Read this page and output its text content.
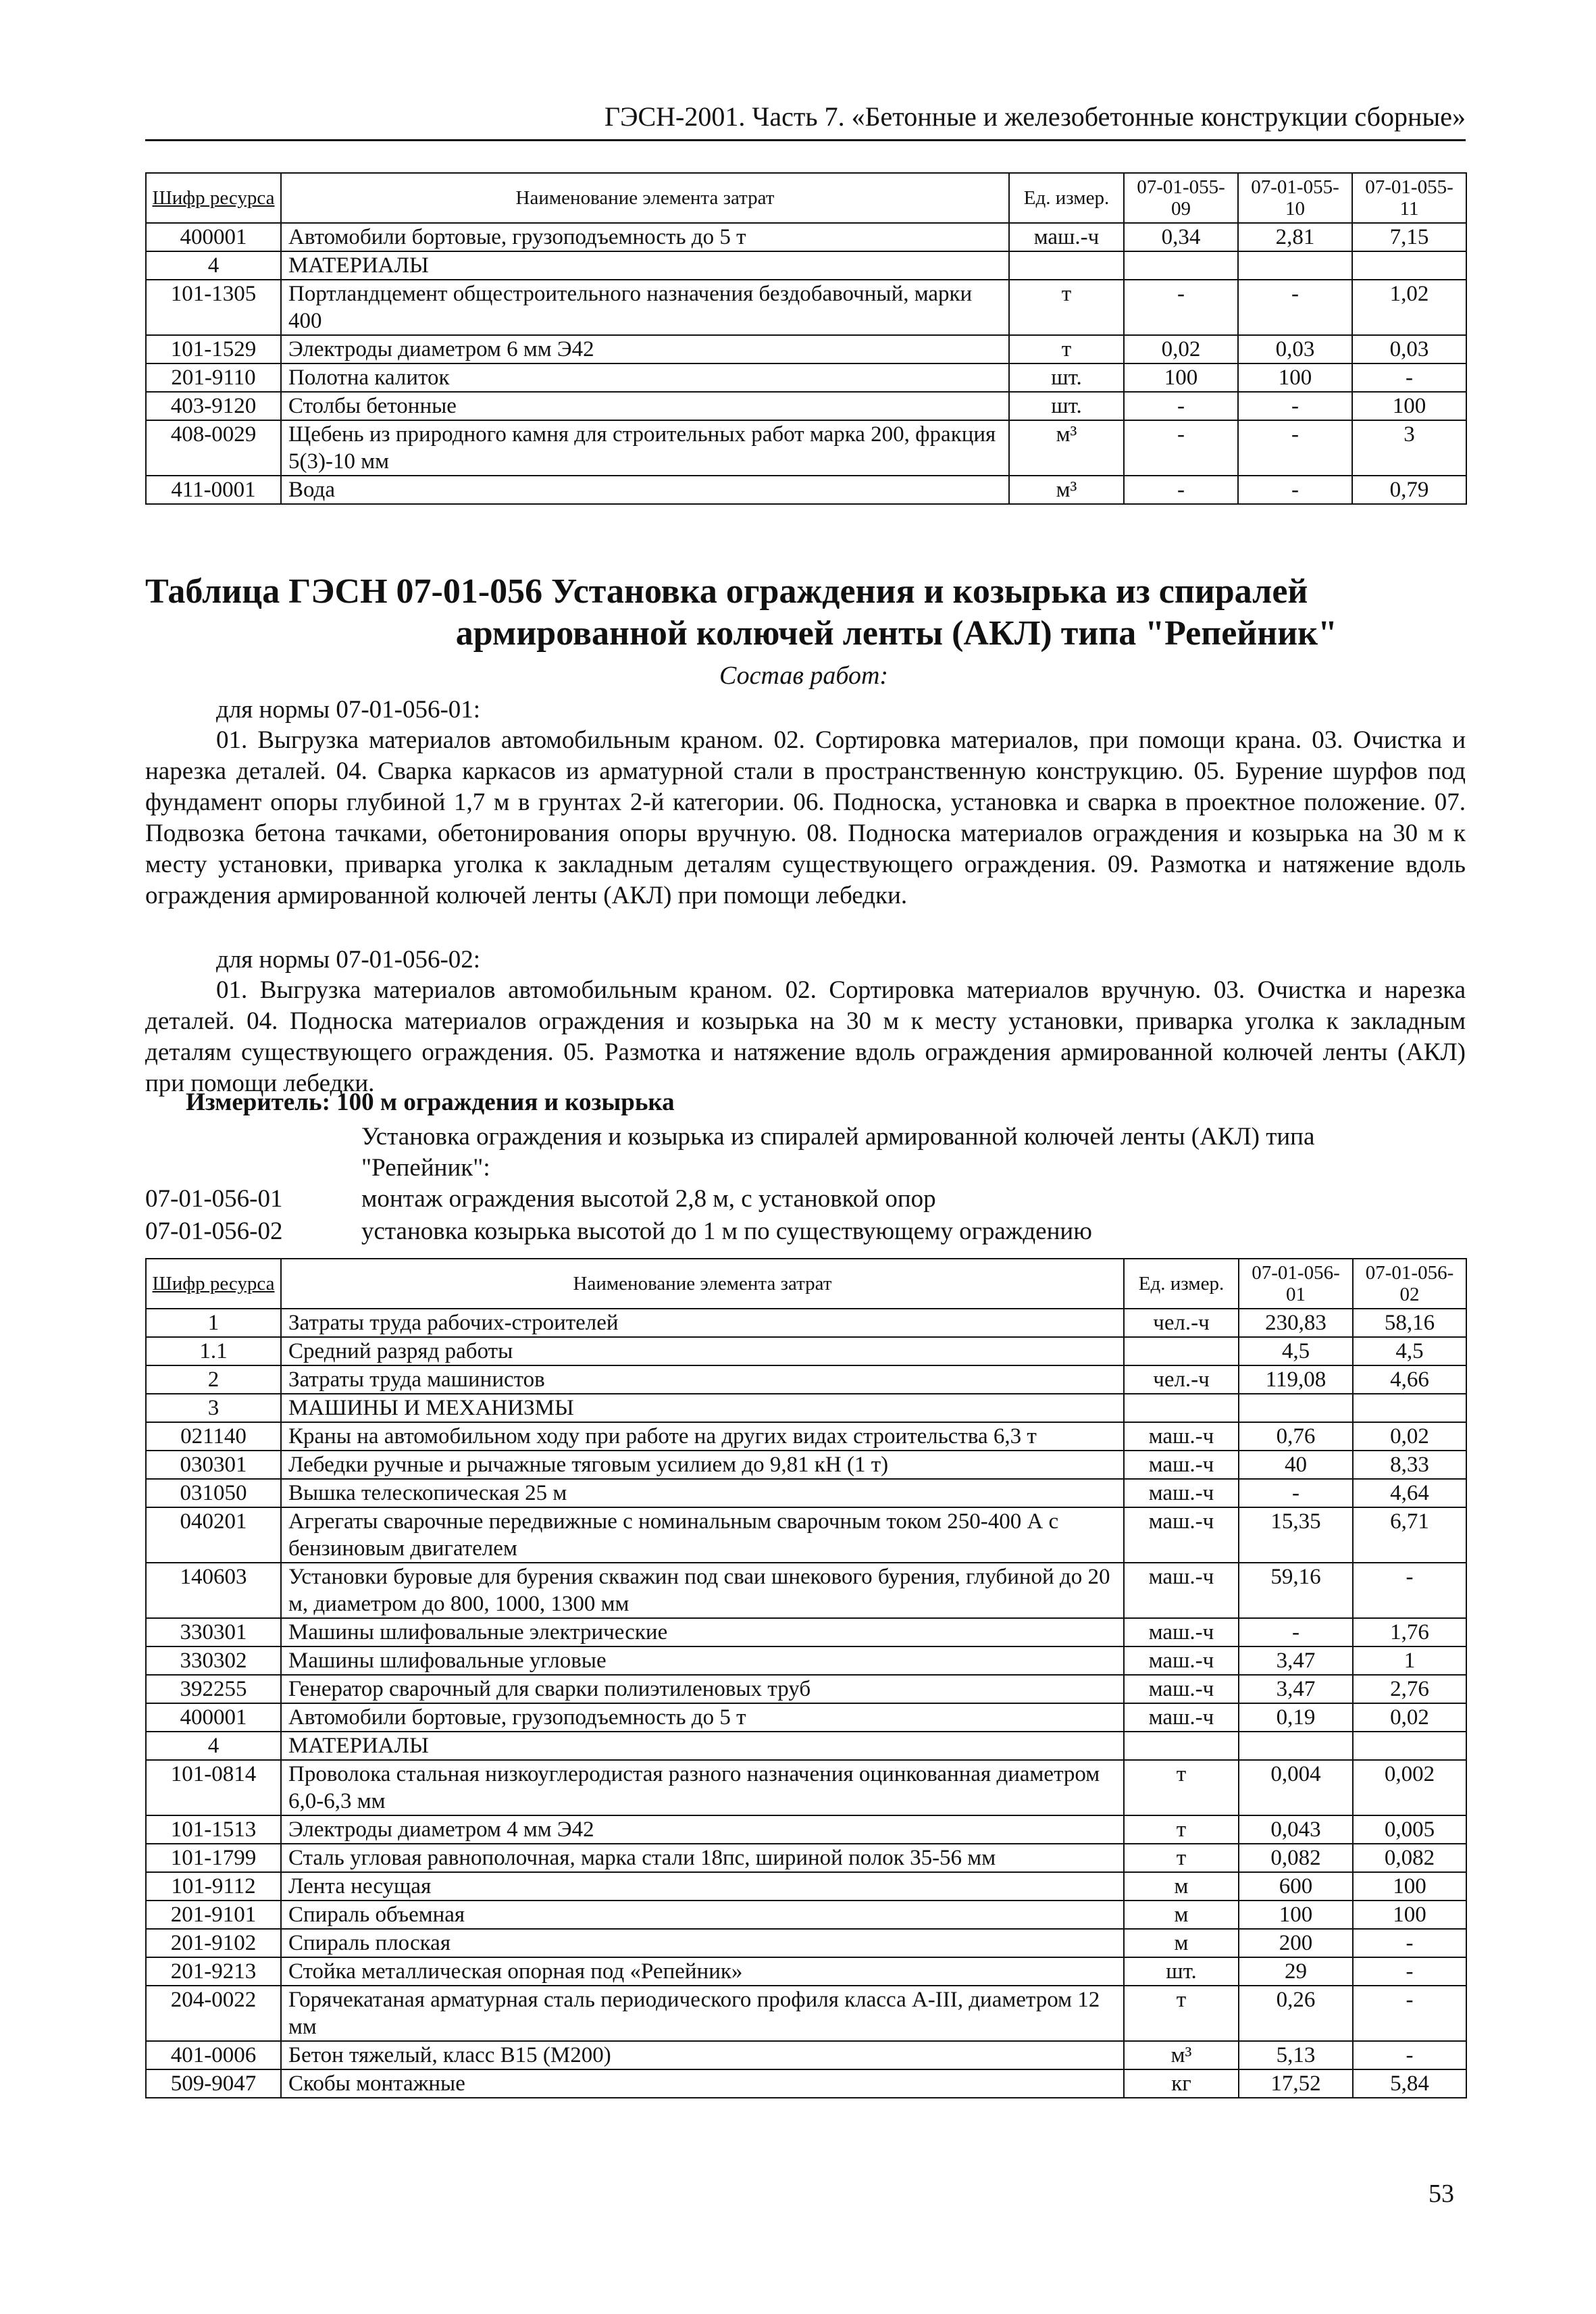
ГЭСН-2001. Часть 7. «Бетонные и железобетонные конструкции сборные»
Шифр ресурса	Наименование элемента затрат	Ед. измер.	07-01-055-09	07-01-055-10	07-01-055-11
400001	Автомобили бортовые, грузоподъемность до 5 т	маш.-ч	0,34	2,81	7,15
4	МАТЕРИАЛЫ				
101-1305	Портландцемент общестроительного назначения бездобавочный, марки 400	т	-	-	1,02
101-1529	Электроды диаметром 6 мм Э42	т	0,02	0,03	0,03
201-9110	Полотна калиток	шт.	100	100	-
403-9120	Столбы бетонные	шт.	-	-	100
408-0029	Щебень из природного камня для строительных работ марка 200, фракция 5(3)-10 мм	м³	-	-	3
411-0001	Вода	м³	-	-	0,79
Таблица ГЭСН 07-01-056 Установка ограждения и козырька из спиралей
армированной колючей ленты (АКЛ) типа "Репейник"
Состав работ:
для нормы 07-01-056-01:
01. Выгрузка материалов автомобильным краном. 02. Сортировка материалов, при помощи крана. 03. Очистка и нарезка деталей. 04. Сварка каркасов из арматурной стали в пространственную конструкцию. 05. Бурение шурфов под фундамент опоры глубиной 1,7 м в грунтах 2-й категории. 06. Подноска, установка и сварка в проектное положение. 07. Подвозка бетона тачками, обетонирования опоры вручную. 08. Подноска материалов ограждения и козырька на 30 м к месту установки, приварка уголка к закладным деталям существующего ограждения. 09. Размотка и натяжение вдоль ограждения армированной колючей ленты (АКЛ) при помощи лебедки.
для нормы 07-01-056-02:
01. Выгрузка материалов автомобильным краном. 02. Сортировка материалов вручную. 03. Очистка и нарезка деталей. 04. Подноска материалов ограждения и козырька на 30 м к месту установки, приварка уголка к закладным деталям существующего ограждения. 05. Размотка и натяжение вдоль ограждения армированной колючей ленты (АКЛ) при помощи лебедки.
Измеритель: 100 м ограждения и козырька
Установка ограждения и козырька из спиралей армированной колючей ленты (АКЛ) типа "Репейник":
07-01-056-01	монтаж ограждения высотой 2,8 м, с установкой опор
07-01-056-02	установка козырька высотой до 1 м по существующему ограждению
Шифр ресурса	Наименование элемента затрат	Ед. измер.	07-01-056-01	07-01-056-02
1	Затраты труда рабочих-строителей	чел.-ч	230,83	58,16
1.1	Средний разряд работы		4,5	4,5
2	Затраты труда машинистов	чел.-ч	119,08	4,66
3	МАШИНЫ И МЕХАНИЗМЫ			
021140	Краны на автомобильном ходу при работе на других видах строительства 6,3 т	маш.-ч	0,76	0,02
030301	Лебедки ручные и рычажные тяговым усилием до 9,81 кН (1 т)	маш.-ч	40	8,33
031050	Вышка телескопическая 25 м	маш.-ч	-	4,64
040201	Агрегаты сварочные передвижные с номинальным сварочным током 250-400 А с бензиновым двигателем	маш.-ч	15,35	6,71
140603	Установки буровые для бурения скважин под сваи шнекового бурения, глубиной до 20 м, диаметром до 800, 1000, 1300 мм	маш.-ч	59,16	-
330301	Машины шлифовальные электрические	маш.-ч	-	1,76
330302	Машины шлифовальные угловые	маш.-ч	3,47	1
392255	Генератор сварочный для сварки полиэтиленовых труб	маш.-ч	3,47	2,76
400001	Автомобили бортовые, грузоподъемность до 5 т	маш.-ч	0,19	0,02
4	МАТЕРИАЛЫ			
101-0814	Проволока стальная низкоуглеродистая разного назначения оцинкованная диаметром 6,0-6,3 мм	т	0,004	0,002
101-1513	Электроды диаметром 4 мм Э42	т	0,043	0,005
101-1799	Сталь угловая равнополочная, марка стали 18пс, шириной полок 35-56 мм	т	0,082	0,082
101-9112	Лента несущая	м	600	100
201-9101	Спираль объемная	м	100	100
201-9102	Спираль плоская	м	200	-
201-9213	Стойка металлическая опорная под «Репейник»	шт.	29	-
204-0022	Горячекатаная арматурная сталь периодического профиля класса А-III, диаметром 12 мм	т	0,26	-
401-0006	Бетон тяжелый, класс В15 (М200)	м³	5,13	-
509-9047	Скобы монтажные	кг	17,52	5,84
53
